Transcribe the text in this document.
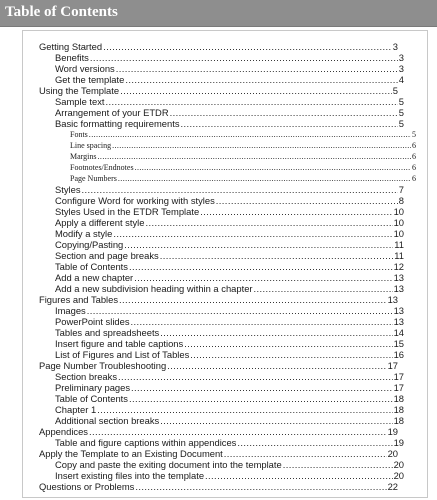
Table of Contents
Getting Started .....	3
Benefits .....	3
Word versions .....	3
Get the template .....	4
Using the Template .....	5
Sample text .....	5
Arrangement of your ETDR .....	5
Basic formatting requirements .....	5
Fonts .....	5
Line spacing .....	6
Margins .....	6
Footnotes/Endnotes .....	6
Page Numbers .....	6
Styles .....	7
Configure Word for working with styles .....	8
Styles Used in the ETDR Template .....	10
Apply a different style .....	10
Modify a style .....	10
Copying/Pasting .....	11
Section and page breaks .....	11
Table of Contents .....	12
Add a new chapter .....	13
Add a new subdivision heading within a chapter .....	13
Figures and Tables .....	13
Images .....	13
PowerPoint slides .....	13
Tables and spreadsheets .....	14
Insert figure and table captions .....	15
List of Figures and List of Tables .....	16
Page Number Troubleshooting .....	17
Section breaks .....	17
Preliminary pages .....	17
Table of Contents .....	18
Chapter 1 .....	18
Additional section breaks .....	18
Appendices .....	19
Table and figure captions within appendices .....	19
Apply the Template to an Existing Document .....	20
Copy and paste the exiting document into the template .....	20
Insert existing files into the template .....	20
Questions or Problems .....	22
